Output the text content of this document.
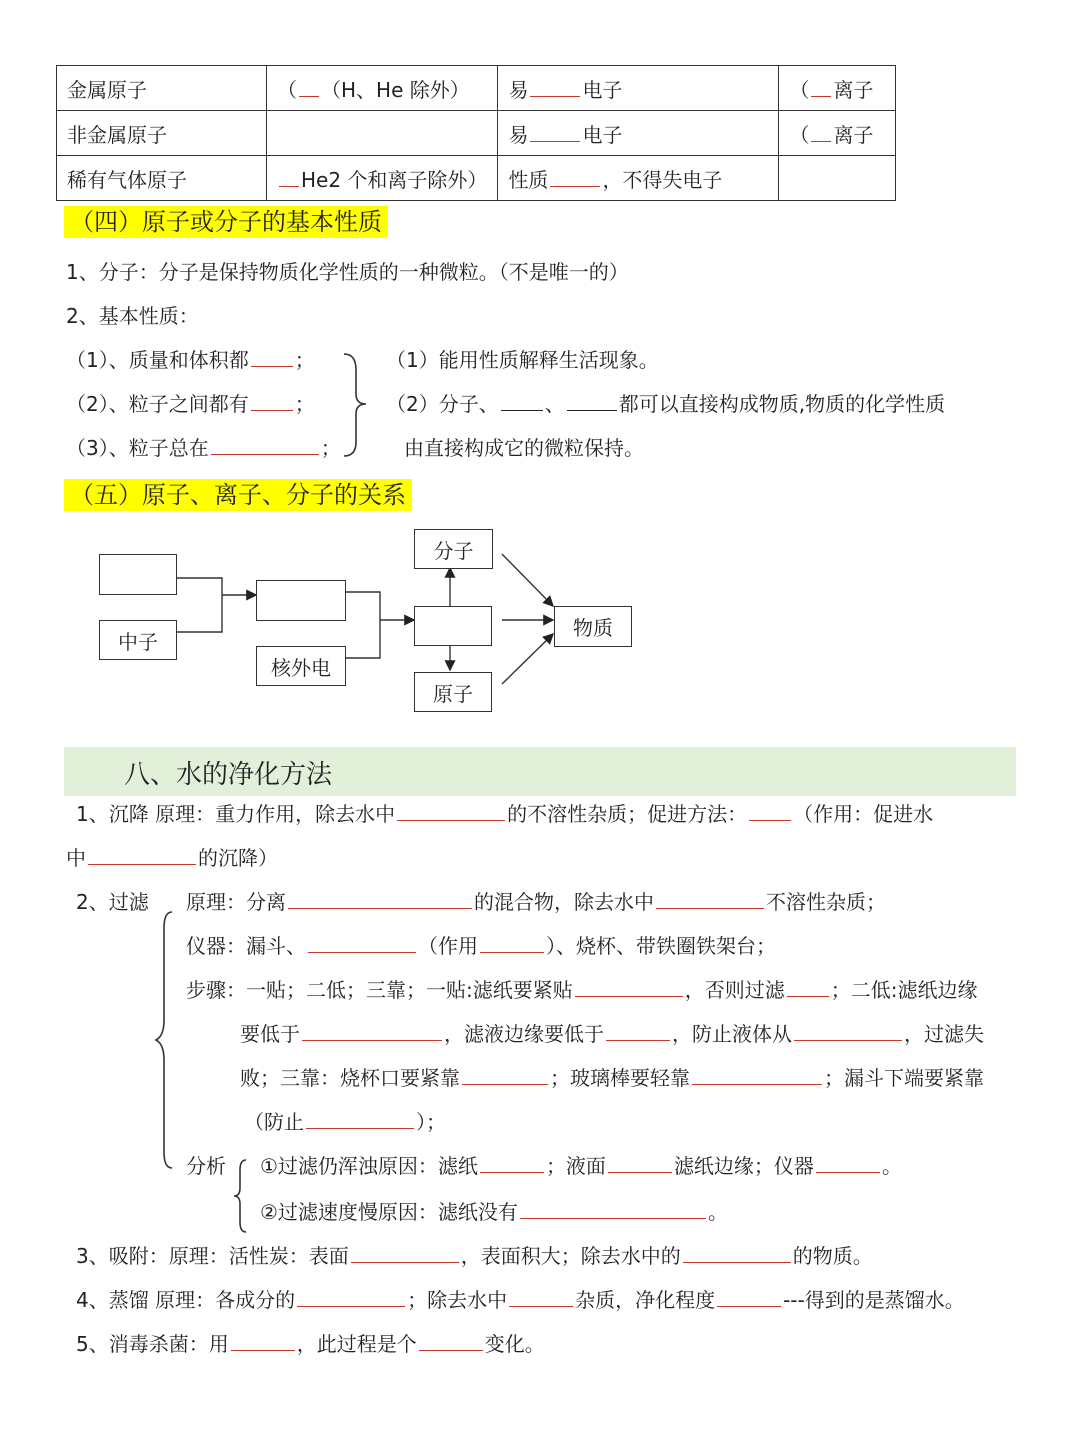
金属原子	（ （H、He 除外）	易 电子	（ 离子
非金属原子		易 电子	（ 离子
稀有气体原子	He2 个和离子除外）	性质 ，不得失电子	
（四）原子或分子的基本性质
1、分子：分子是保持物质化学性质的一种微粒。（不是唯一的）
2、基本性质：
（1）、质量和体积都 ；
（2）、粒子之间都有 ；
（3）、粒子总在	；
（1）能用性质解释生活现象。
（2）分子、 、	都可以直接构成物质,物质的化学性质
由直接构成它的微粒保持。
（五）原子、离子、分子的关系
中子
核外电
分子
原子
物质
八、水的净化方法
1、沉降 原理：重力作用，除去水中	的不溶性杂质；促进方法： （作用：促进水
中	的沉降）
2、过滤 原理：分离	的混合物，除去水中	不溶性杂质；
仪器：漏斗、	（作用	）、烧杯、带铁圈铁架台；
步骤：一贴；二低；三靠；一贴:滤纸要紧贴	，否则过滤 ；二低:滤纸边缘
要低于	，滤液边缘要低于	，防止液体从	，过滤失
败；三靠：烧杯口要紧靠	；玻璃棒要轻靠	；漏斗下端要紧靠
（防止	）；
分析 ①过滤仍浑浊原因：滤纸	；液面	滤纸边缘；仪器	。
②过滤速度慢原因：滤纸没有	。
3、吸附：原理：活性炭：表面	，表面积大；除去水中的	的物质。
4、蒸馏 原理：各成分的	；除去水中	杂质，净化程度	---得到的是蒸馏水。
5、消毒杀菌：用	，此过程是个	变化。
